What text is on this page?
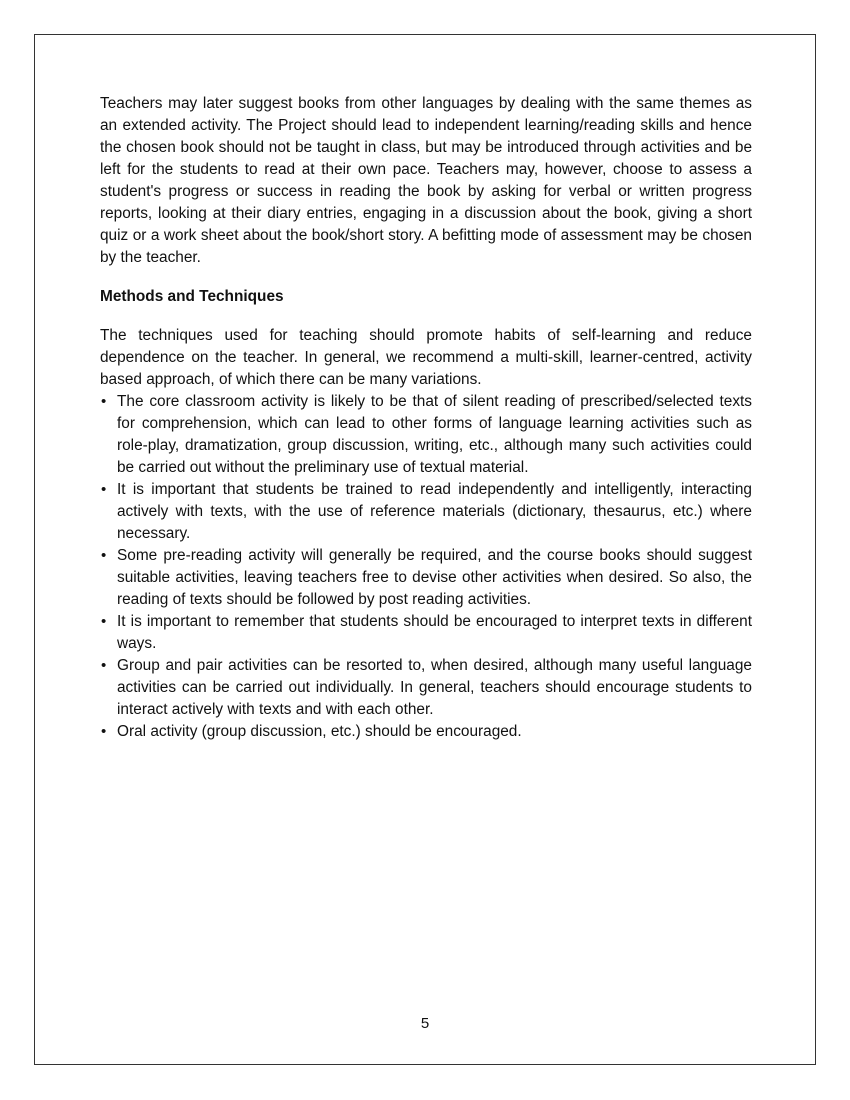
Teachers may later suggest books from other languages by dealing with the same themes as an extended activity. The Project should lead to independent learning/reading skills and hence the chosen book should not be taught in class, but may be introduced through activities and be left for the students to read at their own pace. Teachers may, however, choose to assess a student's progress or success in reading the book by asking for verbal or written progress reports, looking at their diary entries, engaging in a discussion about the book, giving a short quiz or a work sheet about the book/short story. A befitting mode of assessment may be chosen by the teacher.

Methods and Techniques

The techniques used for teaching should promote habits of self-learning and reduce dependence on the teacher. In general, we recommend a multi-skill, learner-centred, activity based approach, of which there can be many variations.

• The core classroom activity is likely to be that of silent reading of prescribed/selected texts for comprehension, which can lead to other forms of language learning activities such as role-play, dramatization, group discussion, writing, etc., although many such activities could be carried out without the preliminary use of textual material.
• It is important that students be trained to read independently and intelligently, interacting actively with texts, with the use of reference materials (dictionary, thesaurus, etc.) where necessary.
• Some pre-reading activity will generally be required, and the course books should suggest suitable activities, leaving teachers free to devise other activities when desired. So also, the reading of texts should be followed by post reading activities.
• It is important to remember that students should be encouraged to interpret texts in different ways.
• Group and pair activities can be resorted to, when desired, although many useful language activities can be carried out individually. In general, teachers should encourage students to interact actively with texts and with each other.
• Oral activity (group discussion, etc.) should be encouraged.
5
